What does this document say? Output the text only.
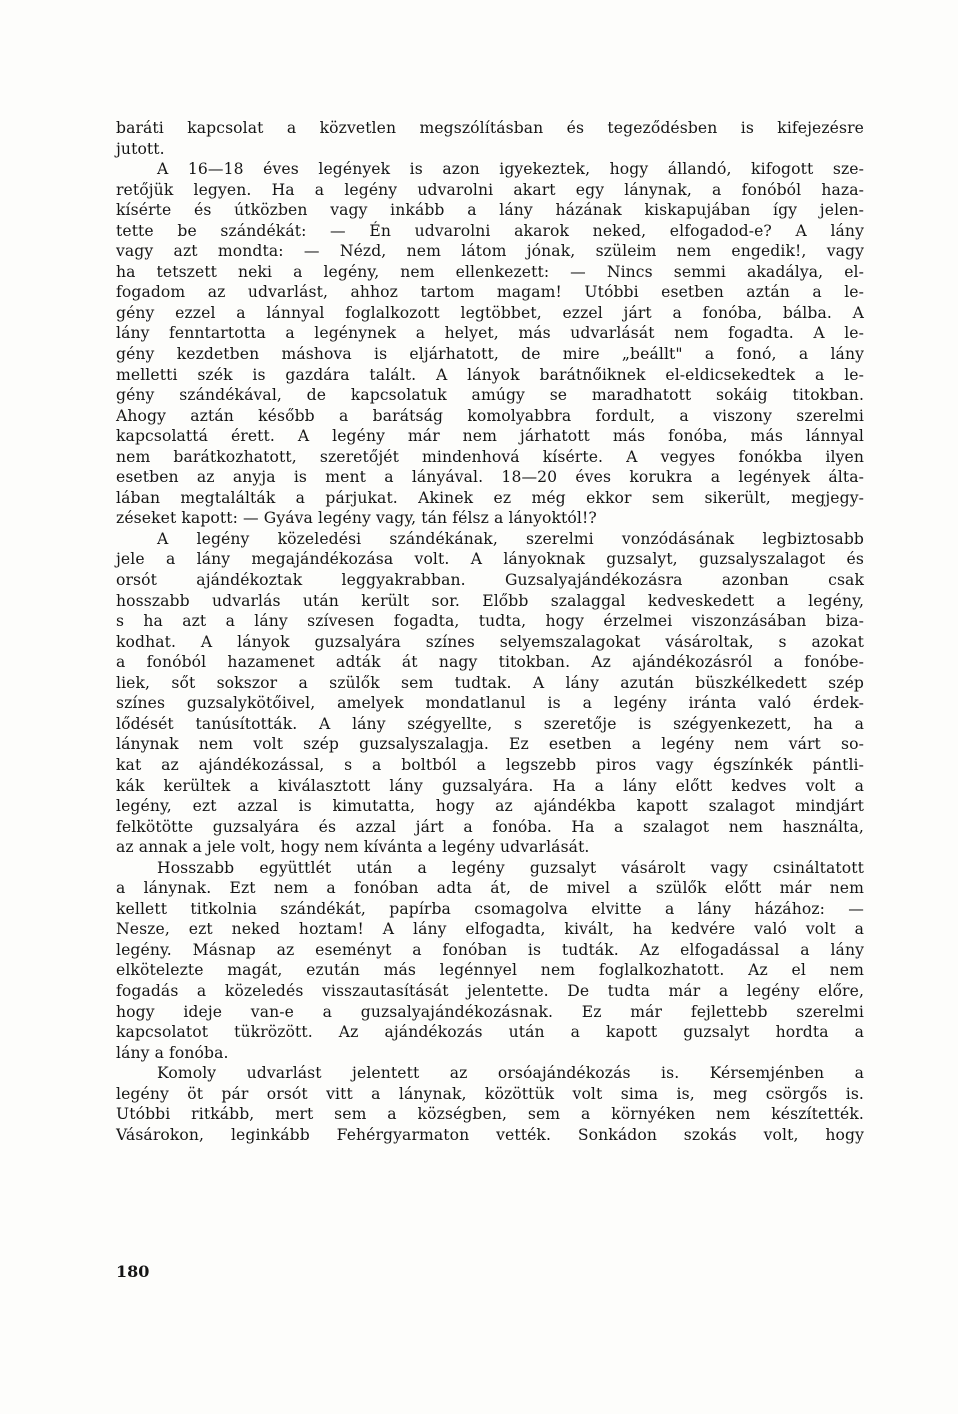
baráti kapcsolat a közvetlen megszólításban és tegeződésben is kifejezésre
jutott.
A 16—18 éves legények is azon igyekeztek, hogy állandó, kifogott sze-
retőjük legyen. Ha a legény udvarolni akart egy lánynak, a fonóból haza-
kísérte és útközben vagy inkább a lány házának kiskapujában így jelen-
tette be szándékát: — Én udvarolni akarok neked, elfogadod-e? A lány
vagy azt mondta: — Nézd, nem látom jónak, szüleim nem engedik!, vagy
ha tetszett neki a legény, nem ellenkezett: — Nincs semmi akadálya, el-
fogadom az udvarlást, ahhoz tartom magam! Utóbbi esetben aztán a le-
gény ezzel a lánnyal foglalkozott legtöbbet, ezzel járt a fonóba, bálba. A
lány fenntartotta a legénynek a helyet, más udvarlását nem fogadta. A le-
gény kezdetben máshova is eljárhatott, de mire „beállt" a fonó, a lány
melletti szék is gazdára talált. A lányok barátnőiknek el-eldicsekedtek a le-
gény szándékával, de kapcsolatuk amúgy se maradhatott sokáig titokban.
Ahogy aztán később a barátság komolyabbra fordult, a viszony szerelmi
kapcsolattá érett. A legény már nem járhatott más fonóba, más lánnyal
nem barátkozhatott, szeretőjét mindenhová kísérte. A vegyes fonókba ilyen
esetben az anyja is ment a lányával. 18—20 éves korukra a legények álta-
lában megtalálták a párjukat. Akinek ez még ekkor sem sikerült, megjegy-
zéseket kapott: — Gyáva legény vagy, tán félsz a lányoktól!?
A legény közeledési szándékának, szerelmi vonzódásának legbiztosabb
jele a lány megajándékozása volt. A lányoknak guzsalyt, guzsalyszalagot és
orsót ajándékoztak leggyakrabban. Guzsalyajándékozásra azonban csak
hosszabb udvarlás után került sor. Előbb szalaggal kedveskedett a legény,
s ha azt a lány szívesen fogadta, tudta, hogy érzelmei viszonzásában biza-
kodhat. A lányok guzsalyára színes selyemszalagokat vásároltak, s azokat
a fonóból hazamenet adták át nagy titokban. Az ajándékozásról a fonóbe-
liek, sőt sokszor a szülők sem tudtak. A lány azután büszkélkedett szép
színes guzsalykötőivel, amelyek mondatlanul is a legény iránta való érdek-
lődését tanúsították. A lány szégyellte, s szeretője is szégyenkezett, ha a
lánynak nem volt szép guzsalyszalagja. Ez esetben a legény nem várt so-
kat az ajándékozással, s a boltból a legszebb piros vagy égszínkék pántli-
kák kerültek a kiválasztott lány guzsalyára. Ha a lány előtt kedves volt a
legény, ezt azzal is kimutatta, hogy az ajándékba kapott szalagot mindjárt
felkötötte guzsalyára és azzal járt a fonóba. Ha a szalagot nem használta,
az annak a jele volt, hogy nem kívánta a legény udvarlását.
Hosszabb együttlét után a legény guzsalyt vásárolt vagy csináltatott
a lánynak. Ezt nem a fonóban adta át, de mivel a szülők előtt már nem
kellett titkolnia szándékát, papírba csomagolva elvitte a lány házához: —
Nesze, ezt neked hoztam! A lány elfogadta, kivált, ha kedvére való volt a
legény. Másnap az eseményt a fonóban is tudták. Az elfogadással a lány
elkötelezte magát, ezután más legénnyel nem foglalkozhatott. Az el nem
fogadás a közeledés visszautasítását jelentette. De tudta már a legény előre,
hogy ideje van-e a guzsalyajándékozásnak. Ez már fejlettebb szerelmi
kapcsolatot tükrözött. Az ajándékozás után a kapott guzsalyt hordta a
lány a fonóba.
Komoly udvarlást jelentett az orsóajándékozás is. Kérsemjénben a
legény öt pár orsót vitt a lánynak, közöttük volt sima is, meg csörgős is.
Utóbbi ritkább, mert sem a községben, sem a környéken nem készítették.
Vásárokon, leginkább Fehérgyarmaton vették. Sonkádon szokás volt, hogy
180
